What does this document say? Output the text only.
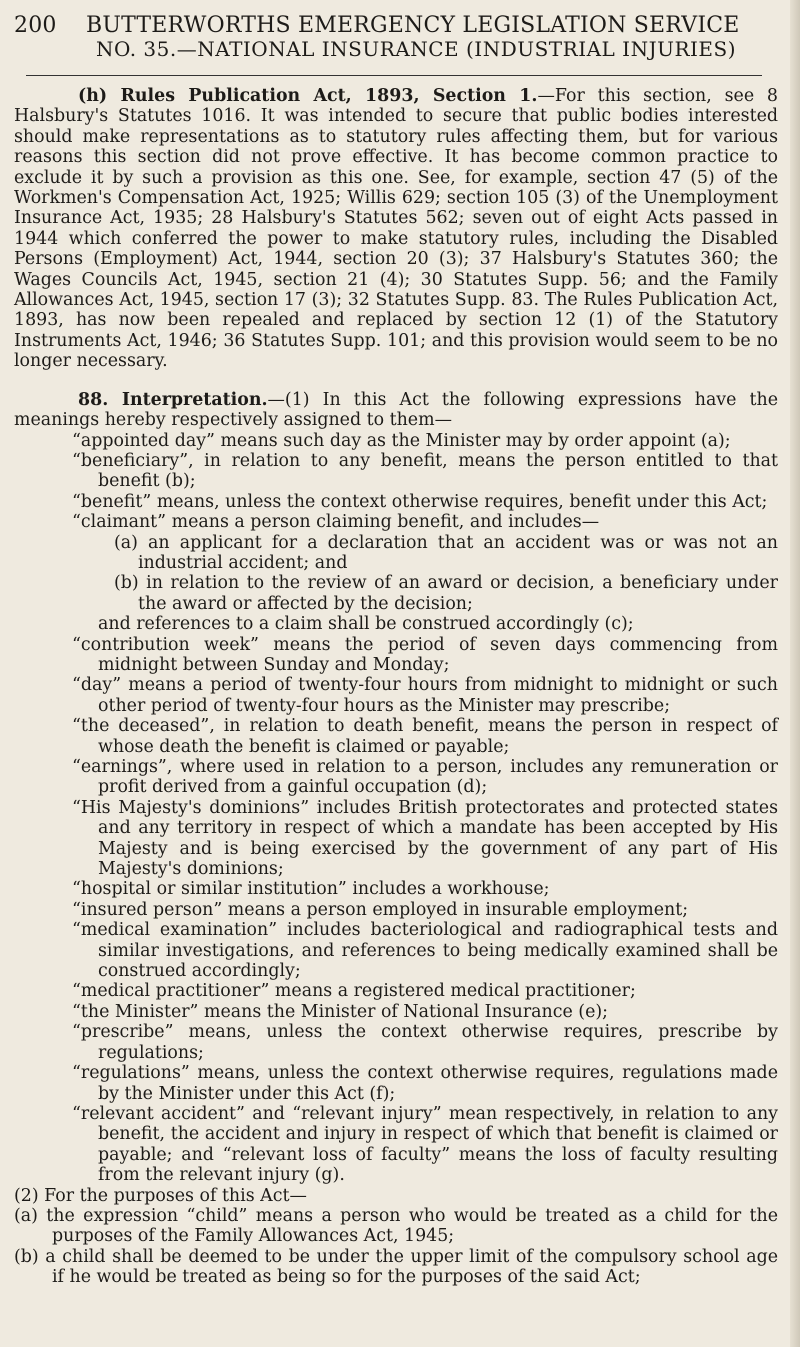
200	BUTTERWORTHS EMERGENCY LEGISLATION SERVICE
NO. 35.—NATIONAL INSURANCE (INDUSTRIAL INJURIES)

(h) Rules Publication Act, 1893, Section 1.—For this section, see 8 Halsbury's Statutes 1016. It was intended to secure that public bodies interested should make representations as to statutory rules affecting them, but for various reasons this section did not prove effective. It has become common practice to exclude it by such a provision as this one. See, for example, section 47 (5) of the Workmen's Compensation Act, 1925; Willis 629; section 105 (3) of the Unemployment Insurance Act, 1935; 28 Halsbury's Statutes 562; seven out of eight Acts passed in 1944 which conferred the power to make statutory rules, including the Disabled Persons (Employment) Act, 1944, section 20 (3); 37 Halsbury's Statutes 360; the Wages Councils Act, 1945, section 21 (4); 30 Statutes Supp. 56; and the Family Allowances Act, 1945, section 17 (3); 32 Statutes Supp. 83. The Rules Publication Act, 1893, has now been repealed and replaced by section 12 (1) of the Statutory Instruments Act, 1946; 36 Statutes Supp. 101; and this provision would seem to be no longer necessary.

88. Interpretation.—(1) In this Act the following expressions have the meanings hereby respectively assigned to them—

“appointed day” means such day as the Minister may by order appoint (a);
“beneficiary”, in relation to any benefit, means the person entitled to that benefit (b);
“benefit” means, unless the context otherwise requires, benefit under this Act;
“claimant” means a person claiming benefit, and includes—
(a) an applicant for a declaration that an accident was or was not an industrial accident; and
(b) in relation to the review of an award or decision, a beneficiary under the award or affected by the decision;
and references to a claim shall be construed accordingly (c);
“contribution week” means the period of seven days commencing from midnight between Sunday and Monday;
“day” means a period of twenty-four hours from midnight to midnight or such other period of twenty-four hours as the Minister may prescribe;
“the deceased”, in relation to death benefit, means the person in respect of whose death the benefit is claimed or payable;
“earnings”, where used in relation to a person, includes any remuneration or profit derived from a gainful occupation (d);
“His Majesty's dominions” includes British protectorates and protected states and any territory in respect of which a mandate has been accepted by His Majesty and is being exercised by the government of any part of His Majesty's dominions;
“hospital or similar institution” includes a workhouse;
“insured person” means a person employed in insurable employment;
“medical examination” includes bacteriological and radiographical tests and similar investigations, and references to being medically examined shall be construed accordingly;
“medical practitioner” means a registered medical practitioner;
“the Minister” means the Minister of National Insurance (e);
“prescribe” means, unless the context otherwise requires, prescribe by regulations;
“regulations” means, unless the context otherwise requires, regulations made by the Minister under this Act (f);
“relevant accident” and “relevant injury” mean respectively, in relation to any benefit, the accident and injury in respect of which that benefit is claimed or payable; and “relevant loss of faculty” means the loss of faculty resulting from the relevant injury (g).
(2) For the purposes of this Act—
(a) the expression “child” means a person who would be treated as a child for the purposes of the Family Allowances Act, 1945;
(b) a child shall be deemed to be under the upper limit of the compulsory school age if he would be treated as being so for the purposes of the said Act;
